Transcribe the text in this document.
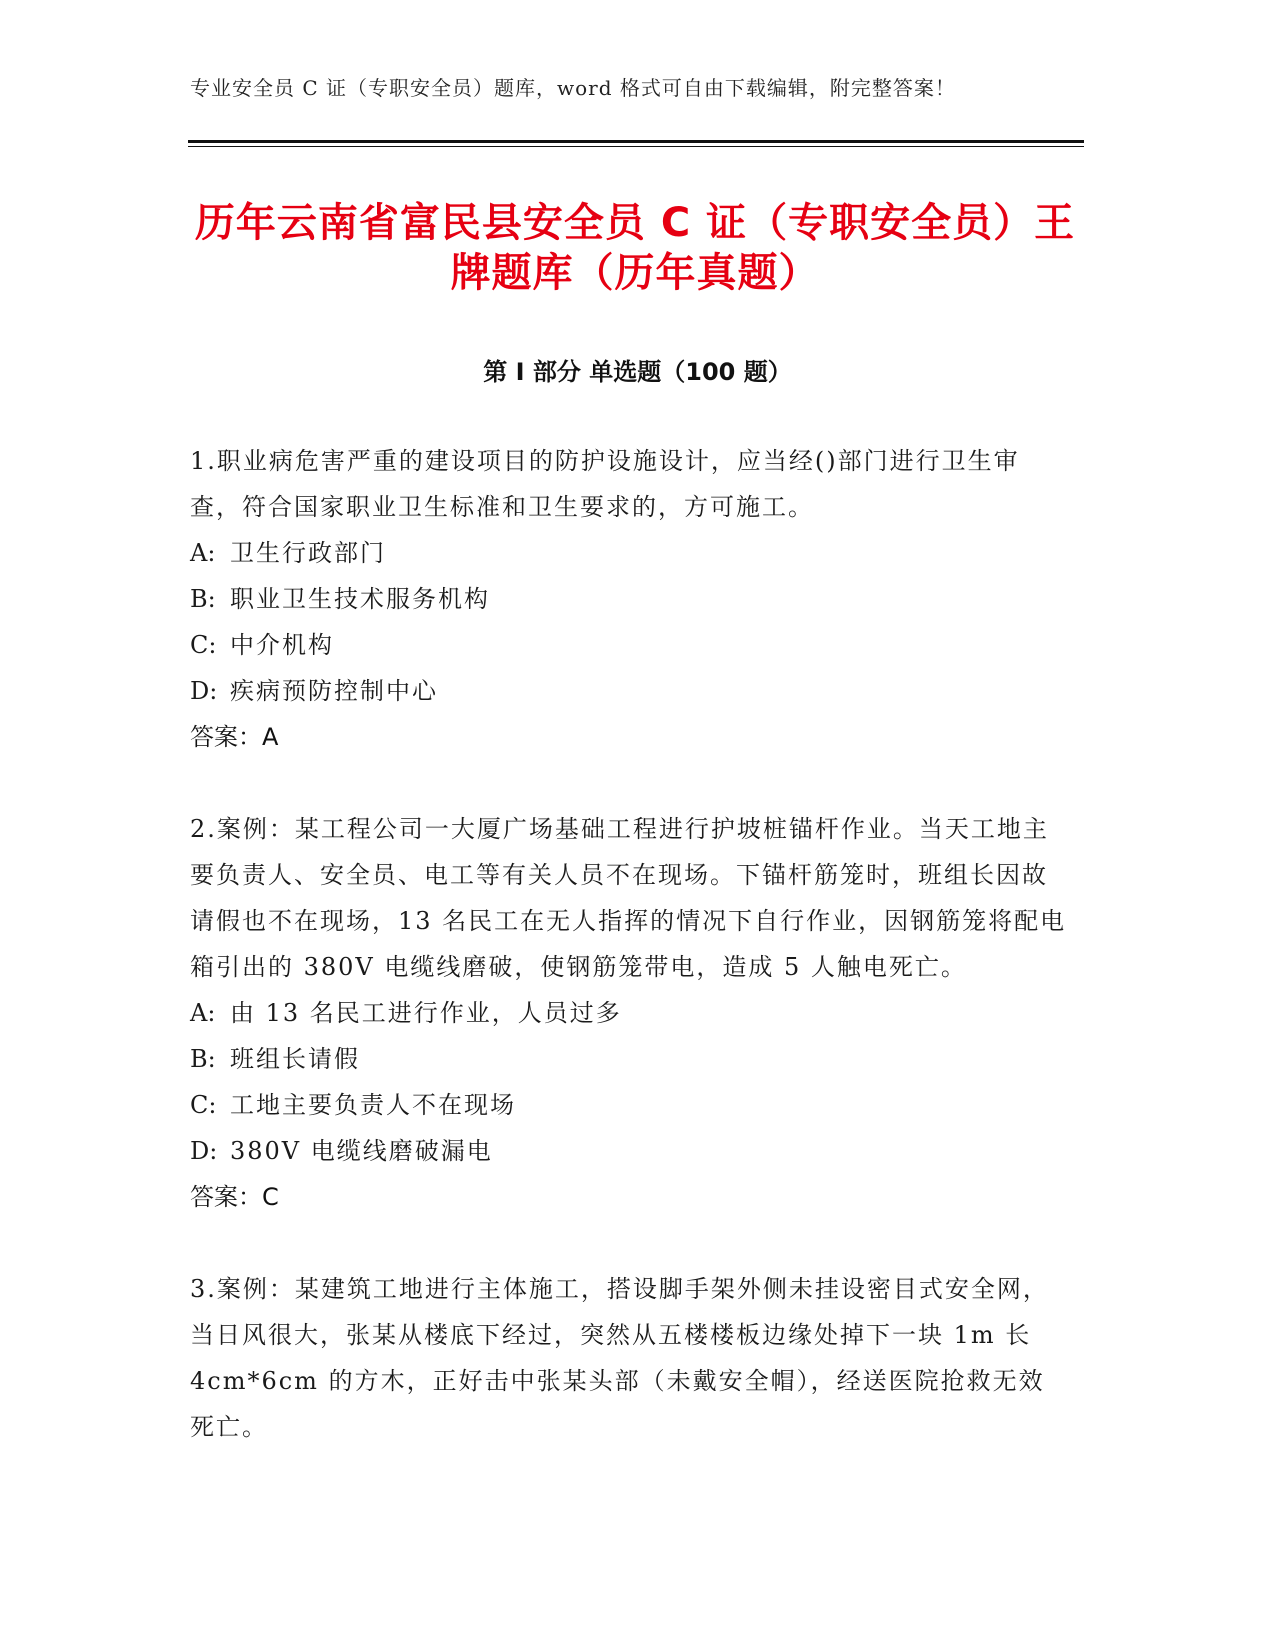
专业安全员 C 证（专职安全员）题库，word 格式可自由下载编辑，附完整答案！
历年云南省富民县安全员 C 证（专职安全员）王牌题库（历年真题）
第 I 部分 单选题（100 题）

1.职业病危害严重的建设项目的防护设施设计，应当经()部门进行卫生审查，符合国家职业卫生标准和卫生要求的，方可施工。

A: 卫生行政部门

B: 职业卫生技术服务机构

C: 中介机构

D: 疾病预防控制中心

答案：A

2.案例：某工程公司一大厦广场基础工程进行护坡桩锚杆作业。当天工地主要负责人、安全员、电工等有关人员不在现场。下锚杆筋笼时，班组长因故请假也不在现场，13 名民工在无人指挥的情况下自行作业，因钢筋笼将配电箱引出的 380V 电缆线磨破，使钢筋笼带电，造成 5 人触电死亡。

A: 由 13 名民工进行作业，人员过多

B: 班组长请假

C: 工地主要负责人不在现场

D: 380V 电缆线磨破漏电

答案：C

3.案例：某建筑工地进行主体施工，搭设脚手架外侧未挂设密目式安全网，当日风很大，张某从楼底下经过，突然从五楼楼板边缘处掉下一块 1m 长 4cm*6cm 的方木，正好击中张某头部（未戴安全帽），经送医院抢救无效死亡。
